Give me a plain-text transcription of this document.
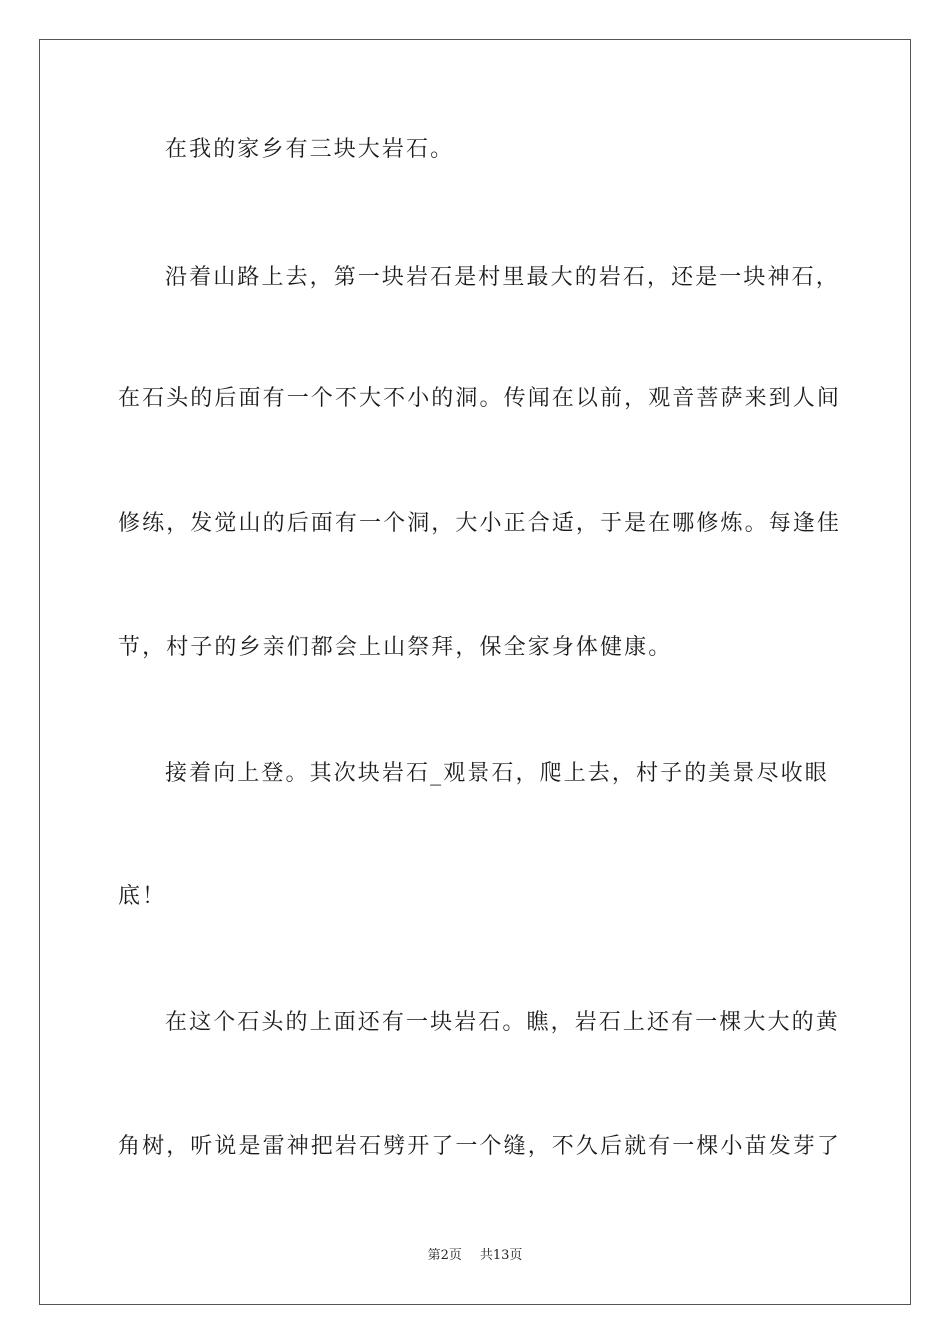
在我的家乡有三块大岩石。
沿着山路上去，第一块岩石是村里最大的岩石，还是一块神石，
在石头的后面有一个不大不小的洞。传闻在以前，观音菩萨来到人间
修练，发觉山的后面有一个洞，大小正合适，于是在哪修炼。每逢佳
节，村子的乡亲们都会上山祭拜，保全家身体健康。
接着向上登。其次块岩石_观景石，爬上去，村子的美景尽收眼
底！
在这个石头的上面还有一块岩石。瞧，岩石上还有一棵大大的黄
角树，听说是雷神把岩石劈开了一个缝，不久后就有一棵小苗发芽了
第2页 共13页
